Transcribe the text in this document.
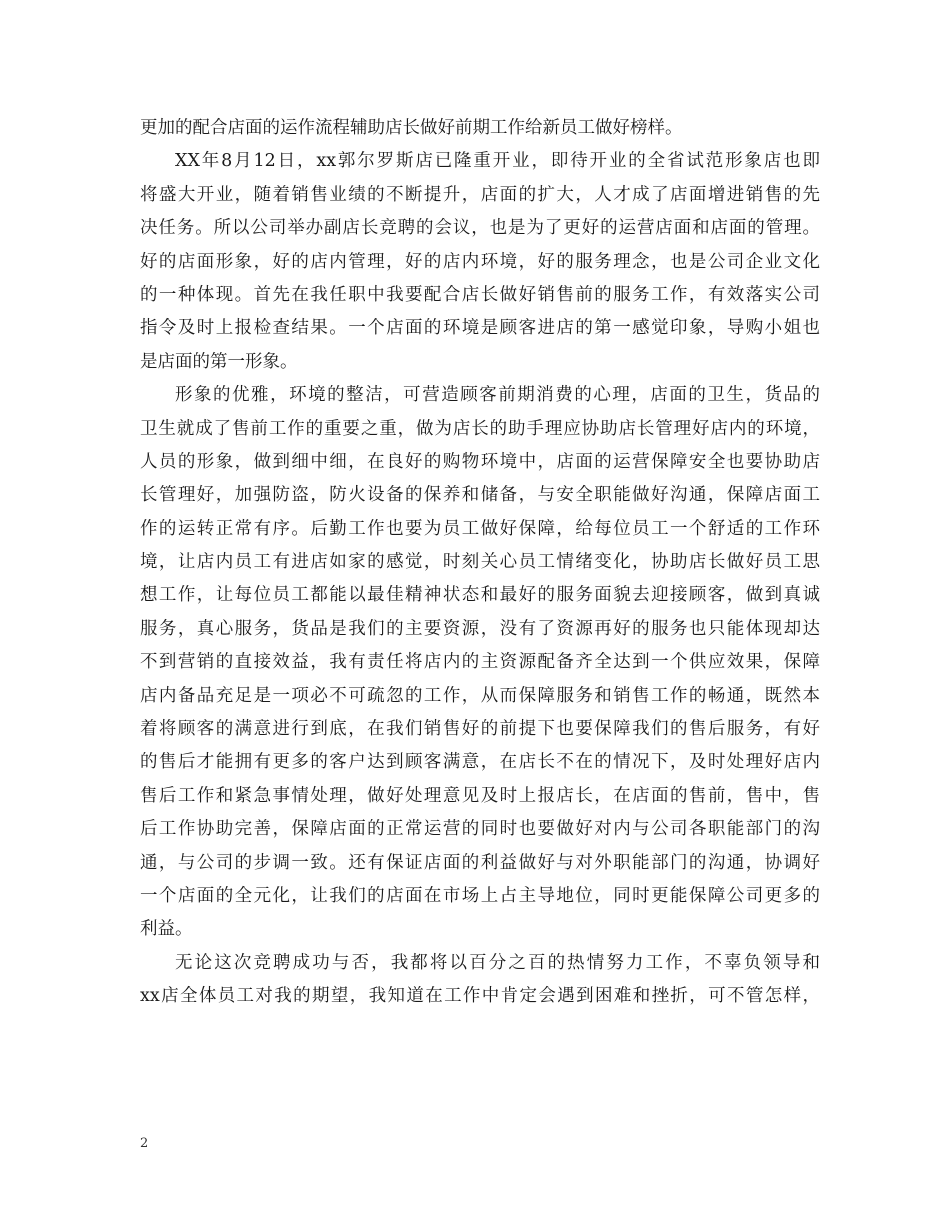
更加的配合店面的运作流程辅助店长做好前期工作给新员工做好榜样。
XX年8月12日，xx郭尔罗斯店已隆重开业，即待开业的全省试范形象店也即
将盛大开业，随着销售业绩的不断提升，店面的扩大，人才成了店面增进销售的先
决任务。所以公司举办副店长竞聘的会议，也是为了更好的运营店面和店面的管理。
好的店面形象，好的店内管理，好的店内环境，好的服务理念，也是公司企业文化
的一种体现。首先在我任职中我要配合店长做好销售前的服务工作，有效落实公司
指令及时上报检查结果。一个店面的环境是顾客进店的第一感觉印象，导购小姐也
是店面的第一形象。
形象的优雅，环境的整洁，可营造顾客前期消费的心理，店面的卫生，货品的
卫生就成了售前工作的重要之重，做为店长的助手理应协助店长管理好店内的环境，
人员的形象，做到细中细，在良好的购物环境中，店面的运营保障安全也要协助店
长管理好，加强防盗，防火设备的保养和储备，与安全职能做好沟通，保障店面工
作的运转正常有序。后勤工作也要为员工做好保障，给每位员工一个舒适的工作环
境，让店内员工有进店如家的感觉，时刻关心员工情绪变化，协助店长做好员工思
想工作，让每位员工都能以最佳精神状态和最好的服务面貌去迎接顾客，做到真诚
服务，真心服务，货品是我们的主要资源，没有了资源再好的服务也只能体现却达
不到营销的直接效益，我有责任将店内的主资源配备齐全达到一个供应效果，保障
店内备品充足是一项必不可疏忽的工作，从而保障服务和销售工作的畅通，既然本
着将顾客的满意进行到底，在我们销售好的前提下也要保障我们的售后服务，有好
的售后才能拥有更多的客户达到顾客满意，在店长不在的情况下，及时处理好店内
售后工作和紧急事情处理，做好处理意见及时上报店长，在店面的售前，售中，售
后工作协助完善，保障店面的正常运营的同时也要做好对内与公司各职能部门的沟
通，与公司的步调一致。还有保证店面的利益做好与对外职能部门的沟通，协调好
一个店面的全元化，让我们的店面在市场上占主导地位，同时更能保障公司更多的
利益。
无论这次竞聘成功与否，我都将以百分之百的热情努力工作，不辜负领导和
xx店全体员工对我的期望，我知道在工作中肯定会遇到困难和挫折，可不管怎样，
2
